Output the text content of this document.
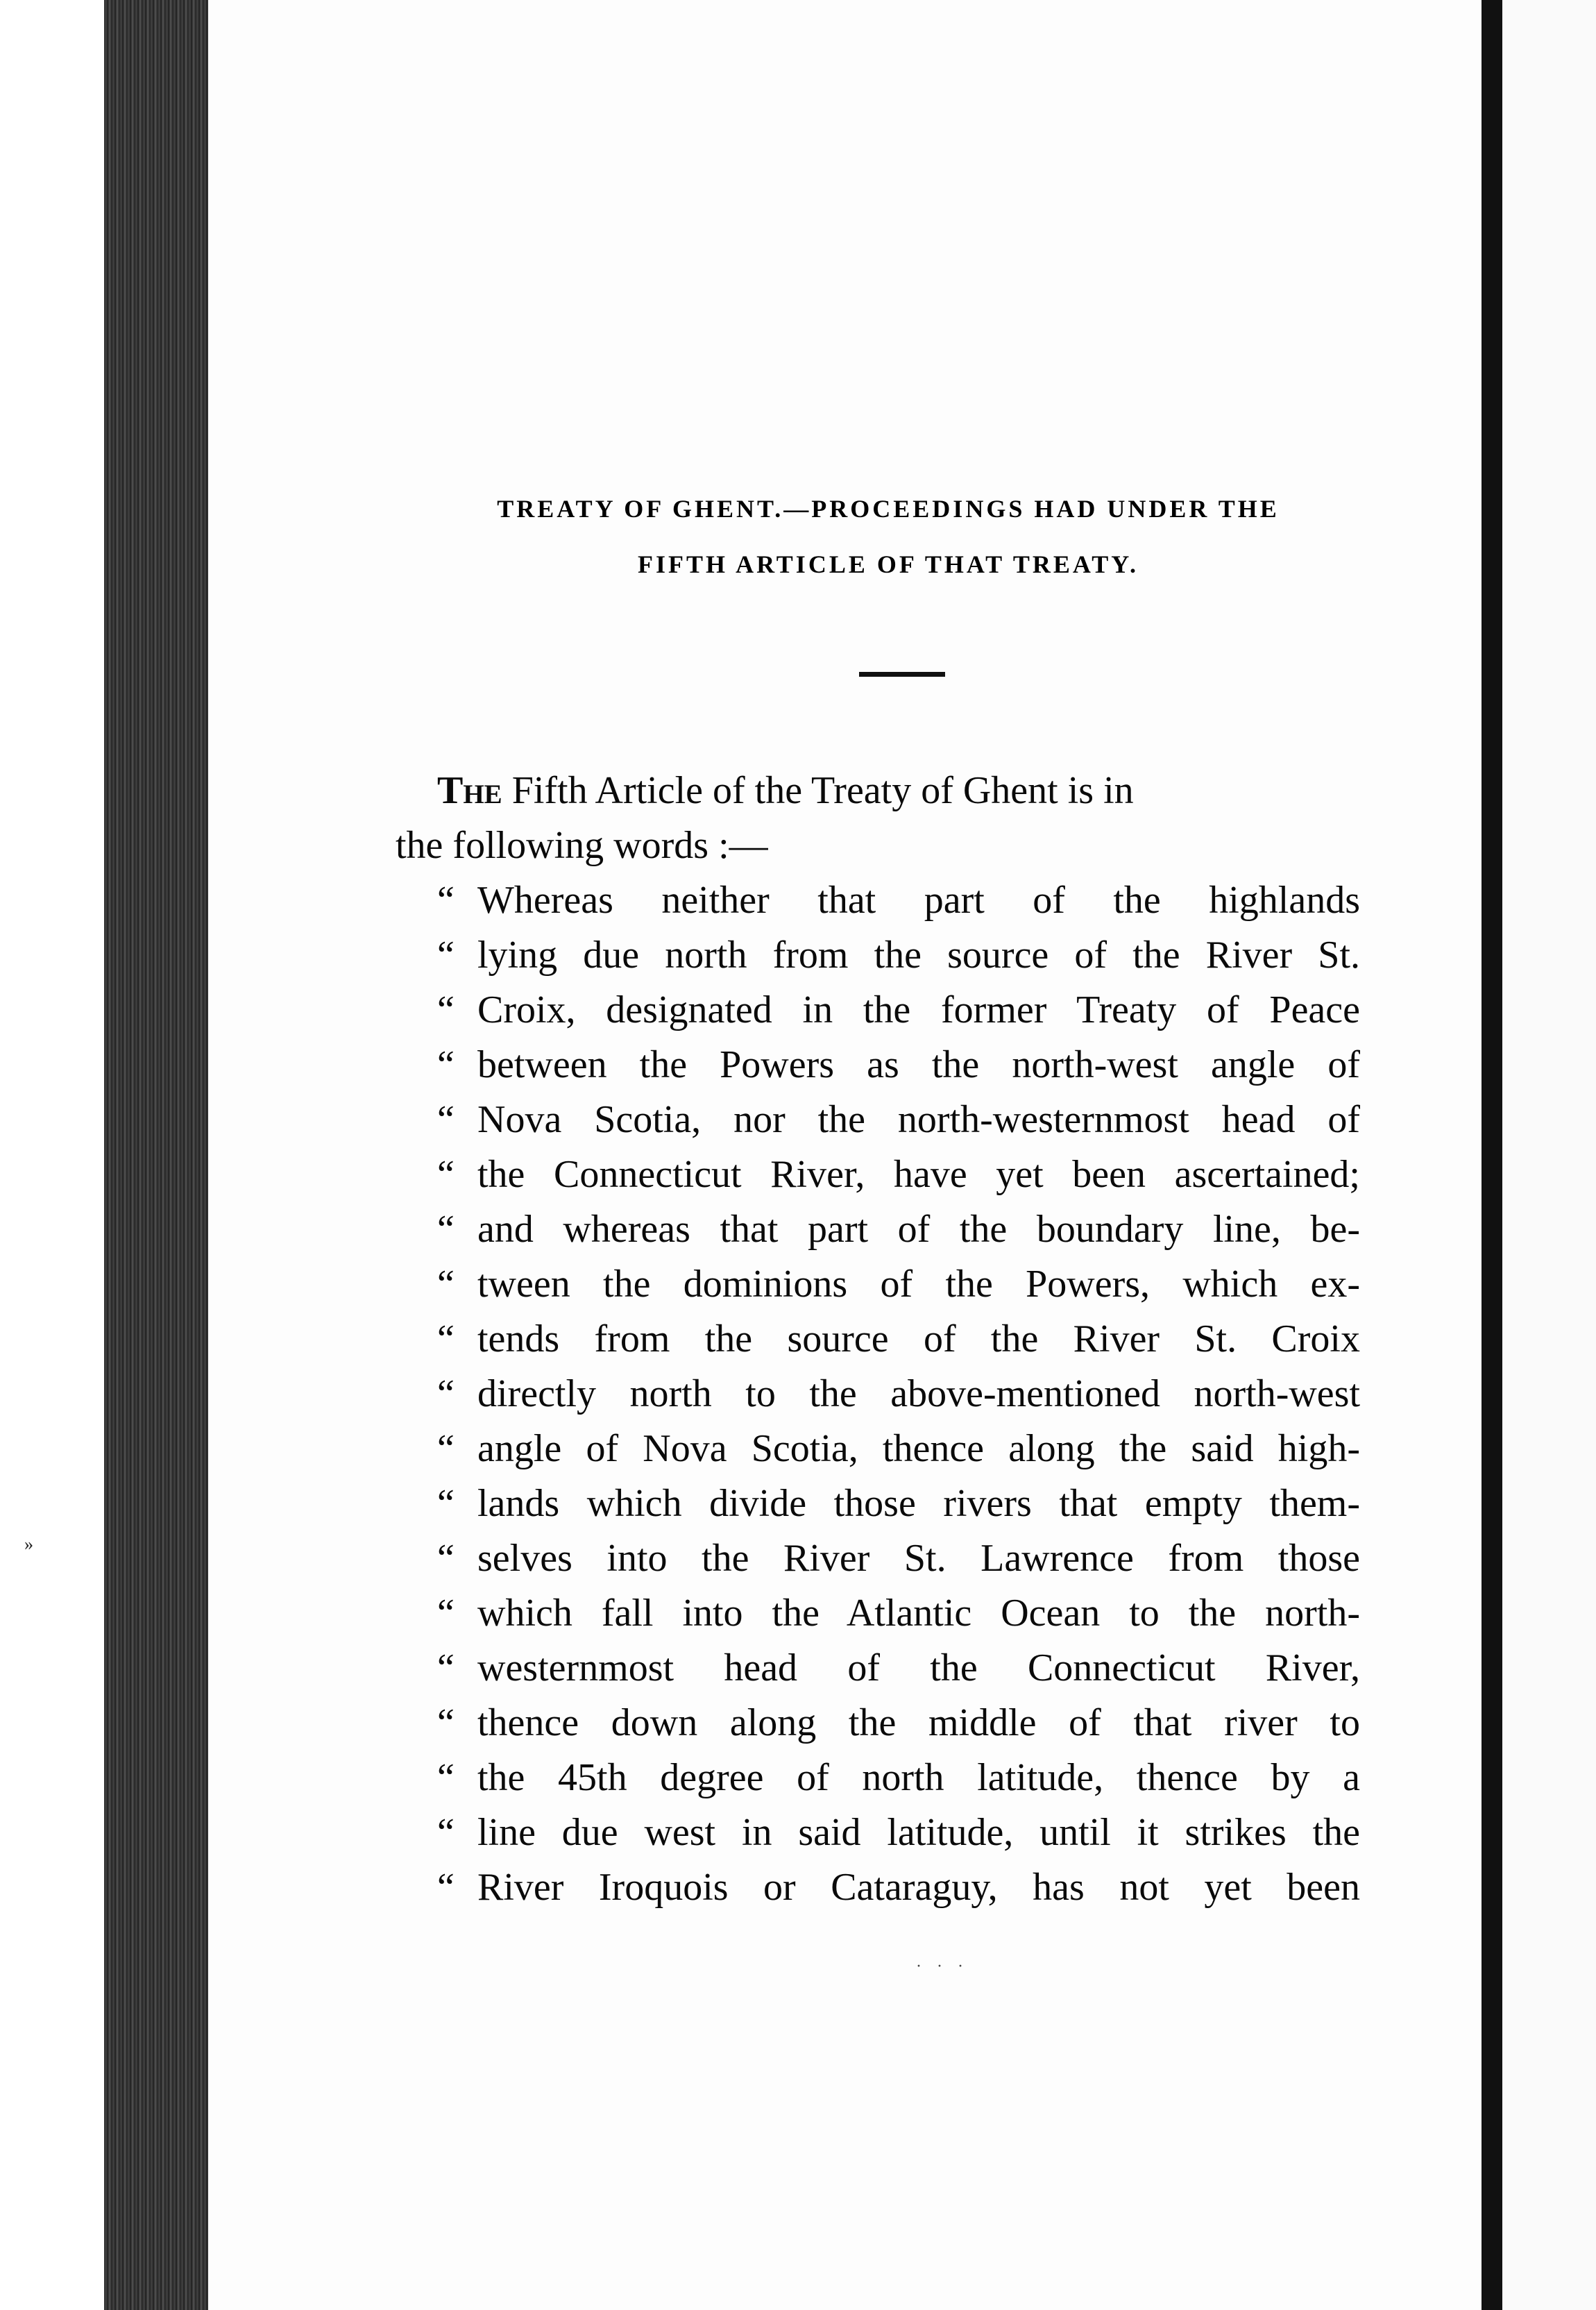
»
TREATY OF GHENT.—PROCEEDINGS HAD UNDER THE
FIFTH ARTICLE OF THAT TREATY.
The Fifth Article of the Treaty of Ghent is in
the following words :—
“ Whereas neither that part of the highlands
“ lying due north from the source of the River St.
“ Croix, designated in the former Treaty of Peace
“ between the Powers as the north-west angle of
“ Nova Scotia, nor the north-westernmost head of
“ the Connecticut River, have yet been ascertained;
“ and whereas that part of the boundary line, be-
“ tween the dominions of the Powers, which ex-
“ tends from the source of the River St. Croix
“ directly north to the above-mentioned north-west
“ angle of Nova Scotia, thence along the said high-
“ lands which divide those rivers that empty them-
“ selves into the River St. Lawrence from those
“ which fall into the Atlantic Ocean to the north-
“ westernmost head of the Connecticut River,
“ thence down along the middle of that river to
“ the 45th degree of north latitude, thence by a
“ line due west in said latitude, until it strikes the
“ River Iroquois or Cataraguy, has not yet been
· · ·
